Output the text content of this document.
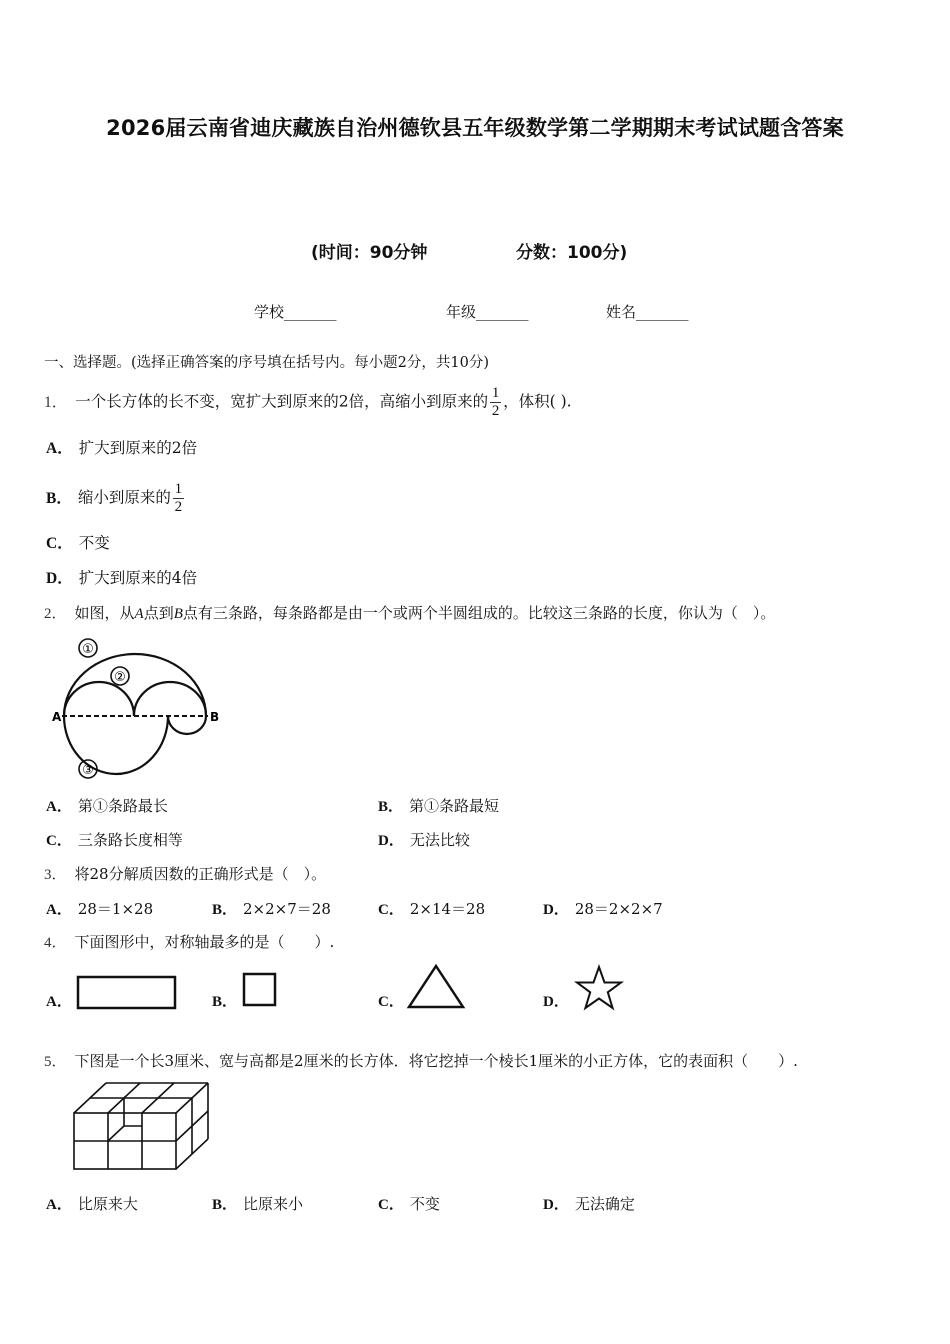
2026届云南省迪庆藏族自治州德钦县五年级数学第二学期期末考试试题含答案
(时间：90分钟	分数：100分)
学校_______	年级_______	姓名_______
一、选择题。(选择正确答案的序号填在括号内。每小题2分，共10分)
1． 一个长方体的长不变，宽扩大到原来的2倍，高缩小到原来的 $\frac{1}{2}$ ，体积( ).
A． 扩大到原来的2倍
B． 缩小到原来的 $\frac{1}{2}$
C． 不变
D． 扩大到原来的4倍
2． 如图，从A点到B点有三条路，每条路都是由一个或两个半圆组成的。比较这三条路的长度，你认为（　）。
①
②
③
A	B
A． 第①条路最长	B． 第①条路最短
C． 三条路长度相等	D． 无法比较
3． 将28分解质因数的正确形式是（　）。
A． 28＝1×28	B． 2×2×7＝28	C． 2×14＝28	D． 28＝2×2×7
4． 下面图形中，对称轴最多的是（　　）.
A．	B．	C．	D．
5． 下图是一个长3厘米、宽与高都是2厘米的长方体．将它挖掉一个棱长1厘米的小正方体，它的表面积（　　）.
A． 比原来大	B． 比原来小	C． 不变	D． 无法确定
